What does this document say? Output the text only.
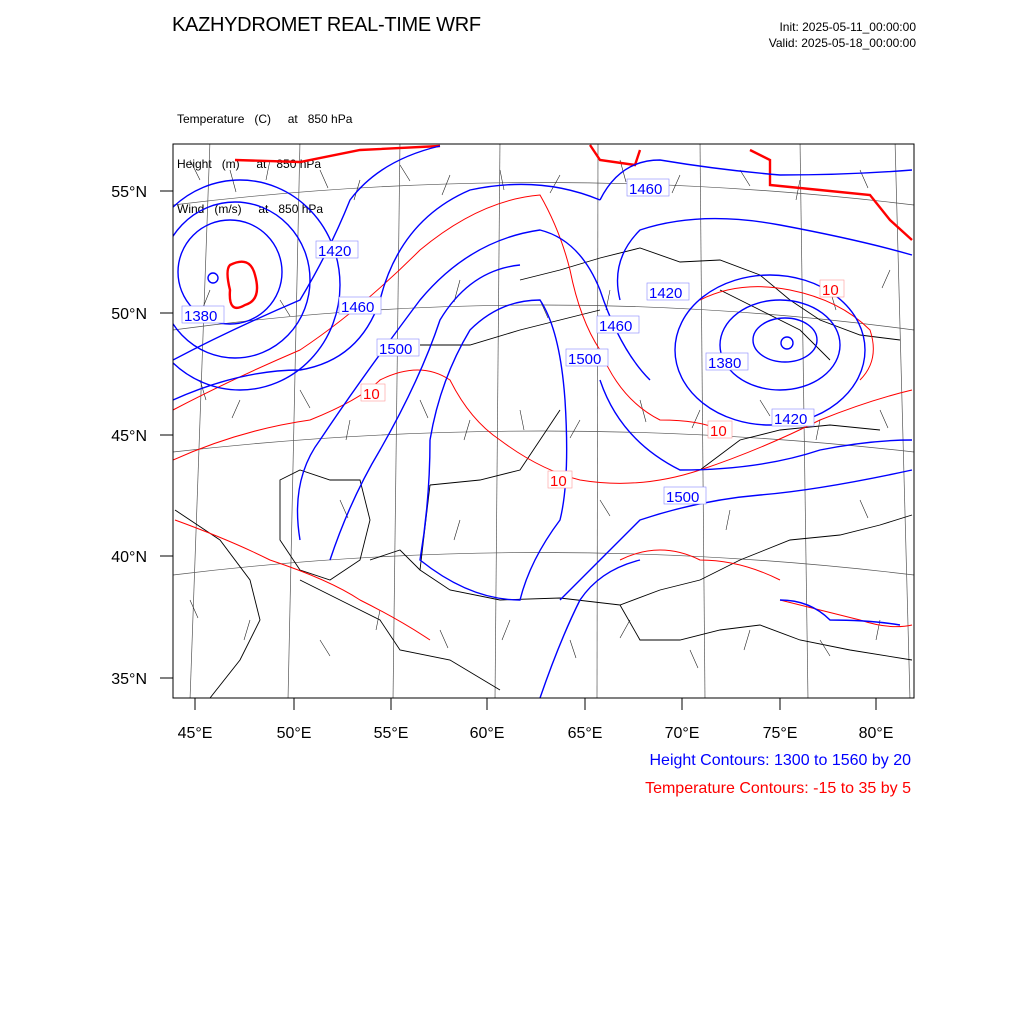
KAZHYDROMET REAL-TIME WRF	Init: 2025-05-11_00:00:00
Valid: 2025-05-18_00:00:00

Temperature   (C)     at   850 hPa

Height   (m)     at   850 hPa

Wind   (m/s)     at   850 hPa

55°N
50°N
45°N
40°N
35°N
45°E	50°E	55°E	60°E	65°E	70°E	75°E	80°E
1460
1420
1420
1460
1460
1380
1500
1500	1380
1420
1500
10
10
10
10
Height Contours: 1300 to 1560 by 20
Temperature Contours: -15 to 35 by 5
